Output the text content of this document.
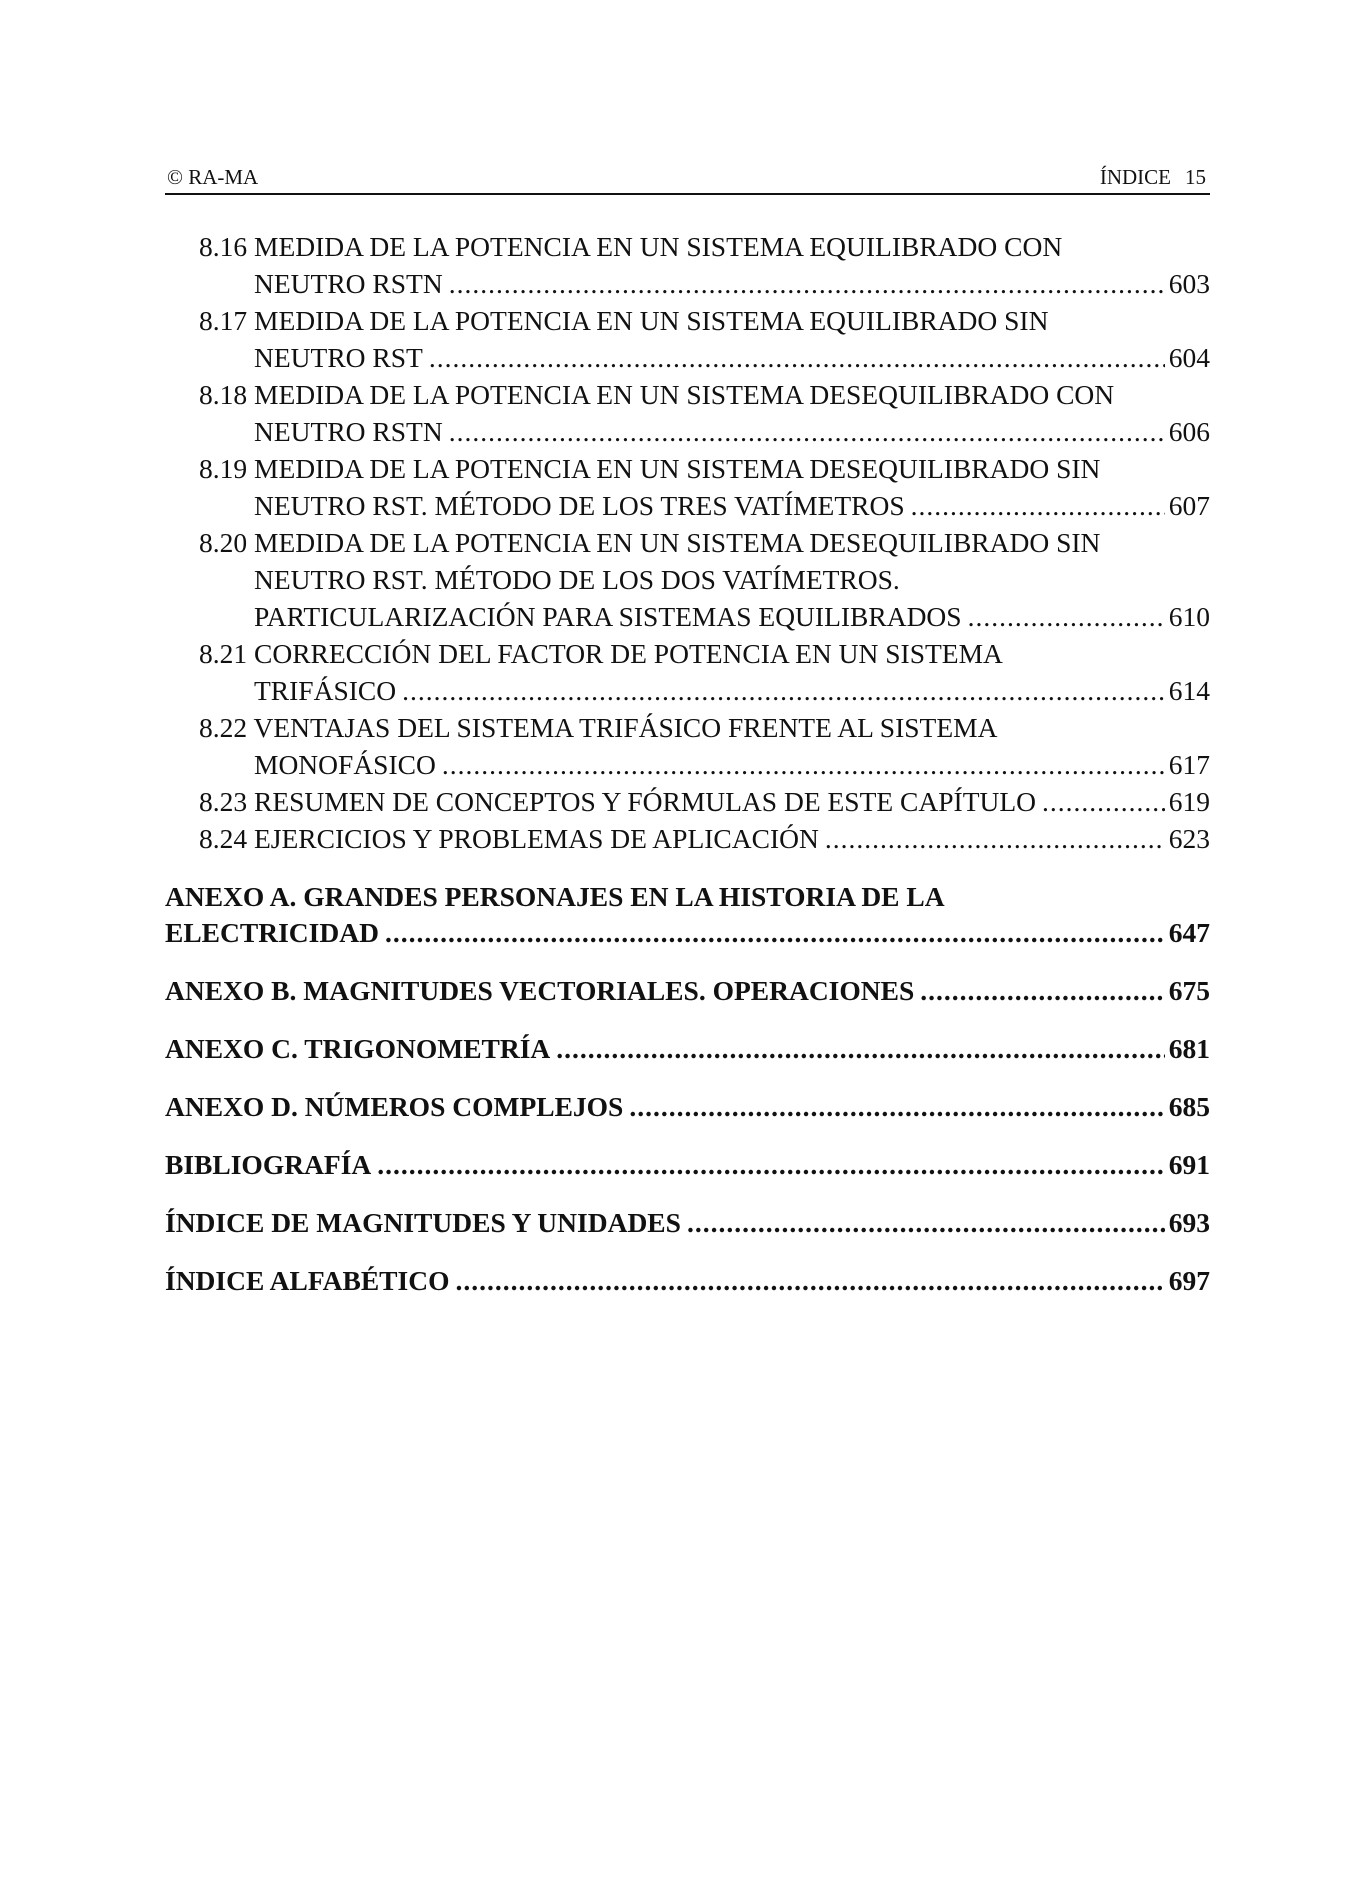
© RA-MA	ÍNDICE 15
8.16 MEDIDA DE LA POTENCIA EN UN SISTEMA EQUILIBRADO CON
NEUTRO RSTN .....	603
8.17 MEDIDA DE LA POTENCIA EN UN SISTEMA EQUILIBRADO SIN
NEUTRO RST .....	604
8.18 MEDIDA DE LA POTENCIA EN UN SISTEMA DESEQUILIBRADO CON
NEUTRO RSTN .....	606
8.19 MEDIDA DE LA POTENCIA EN UN SISTEMA DESEQUILIBRADO SIN
NEUTRO RST. MÉTODO DE LOS TRES VATÍMETROS .....	607
8.20 MEDIDA DE LA POTENCIA EN UN SISTEMA DESEQUILIBRADO SIN
NEUTRO RST. MÉTODO DE LOS DOS VATÍMETROS.
PARTICULARIZACIÓN PARA SISTEMAS EQUILIBRADOS .....	610
8.21 CORRECCIÓN DEL FACTOR DE POTENCIA EN UN SISTEMA
TRIFÁSICO .....	614
8.22 VENTAJAS DEL SISTEMA TRIFÁSICO FRENTE AL SISTEMA
MONOFÁSICO .....	617
8.23 RESUMEN DE CONCEPTOS Y FÓRMULAS DE ESTE CAPÍTULO .....	619
8.24 EJERCICIOS Y PROBLEMAS DE APLICACIÓN .....	623
ANEXO A. GRANDES PERSONAJES EN LA HISTORIA DE LA
ELECTRICIDAD .....	647
ANEXO B. MAGNITUDES VECTORIALES. OPERACIONES .....	675
ANEXO C. TRIGONOMETRÍA .....	681
ANEXO D. NÚMEROS COMPLEJOS .....	685
BIBLIOGRAFÍA .....	691
ÍNDICE DE MAGNITUDES Y UNIDADES .....	693
ÍNDICE ALFABÉTICO .....	697
